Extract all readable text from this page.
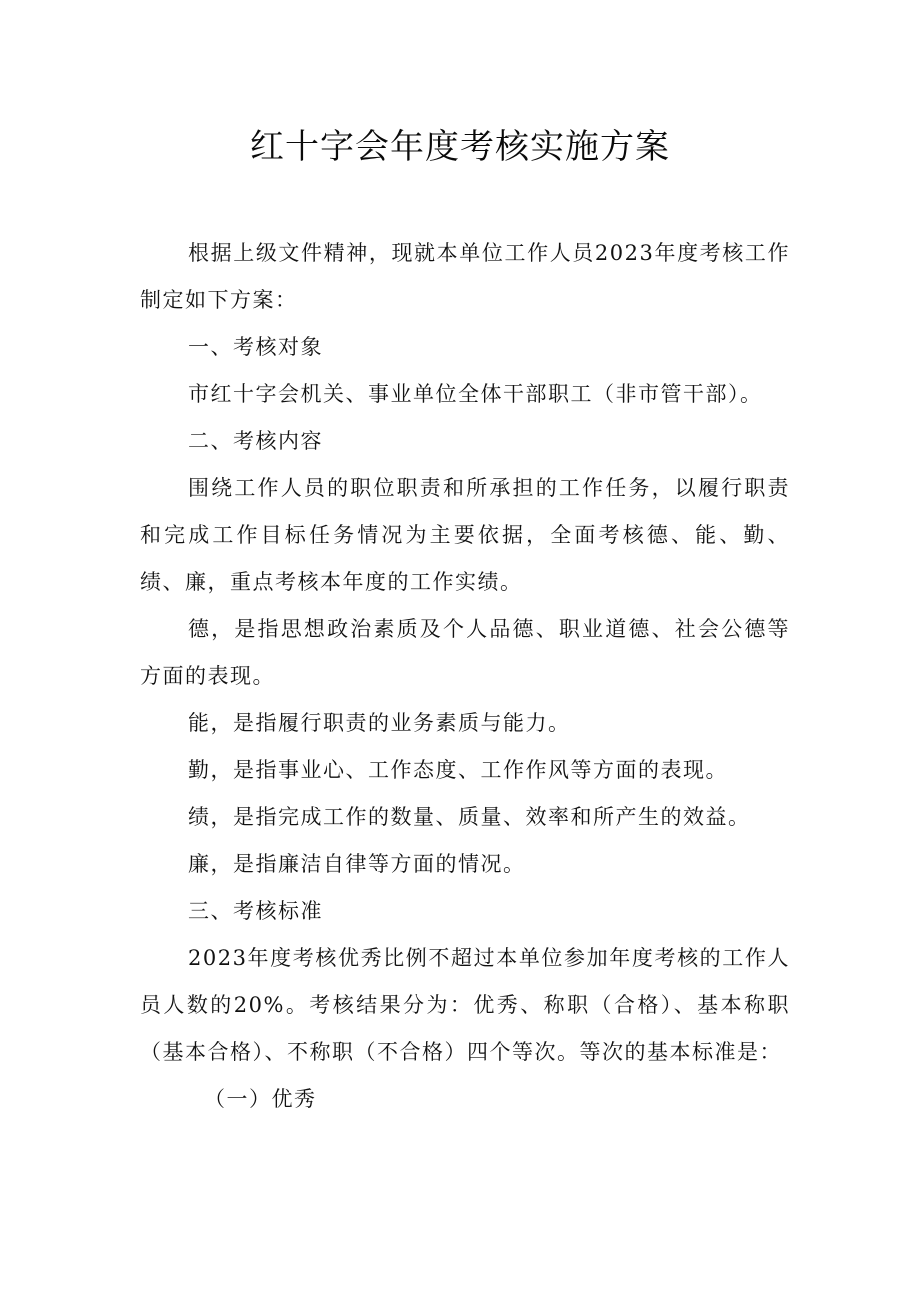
红十字会年度考核实施方案

根据上级文件精神，现就本单位工作人员2023年度考核工作制定如下方案：

一、考核对象

市红十字会机关、事业单位全体干部职工（非市管干部）。

二、考核内容

围绕工作人员的职位职责和所承担的工作任务，以履行职责和完成工作目标任务情况为主要依据，全面考核德、能、勤、绩、廉，重点考核本年度的工作实绩。

德，是指思想政治素质及个人品德、职业道德、社会公德等方面的表现。

能，是指履行职责的业务素质与能力。

勤，是指事业心、工作态度、工作作风等方面的表现。

绩，是指完成工作的数量、质量、效率和所产生的效益。

廉，是指廉洁自律等方面的情况。

三、考核标准

2023年度考核优秀比例不超过本单位参加年度考核的工作人员人数的20%。考核结果分为：优秀、称职（合格）、基本称职（基本合格）、不称职（不合格）四个等次。等次的基本标准是：

（一）优秀
